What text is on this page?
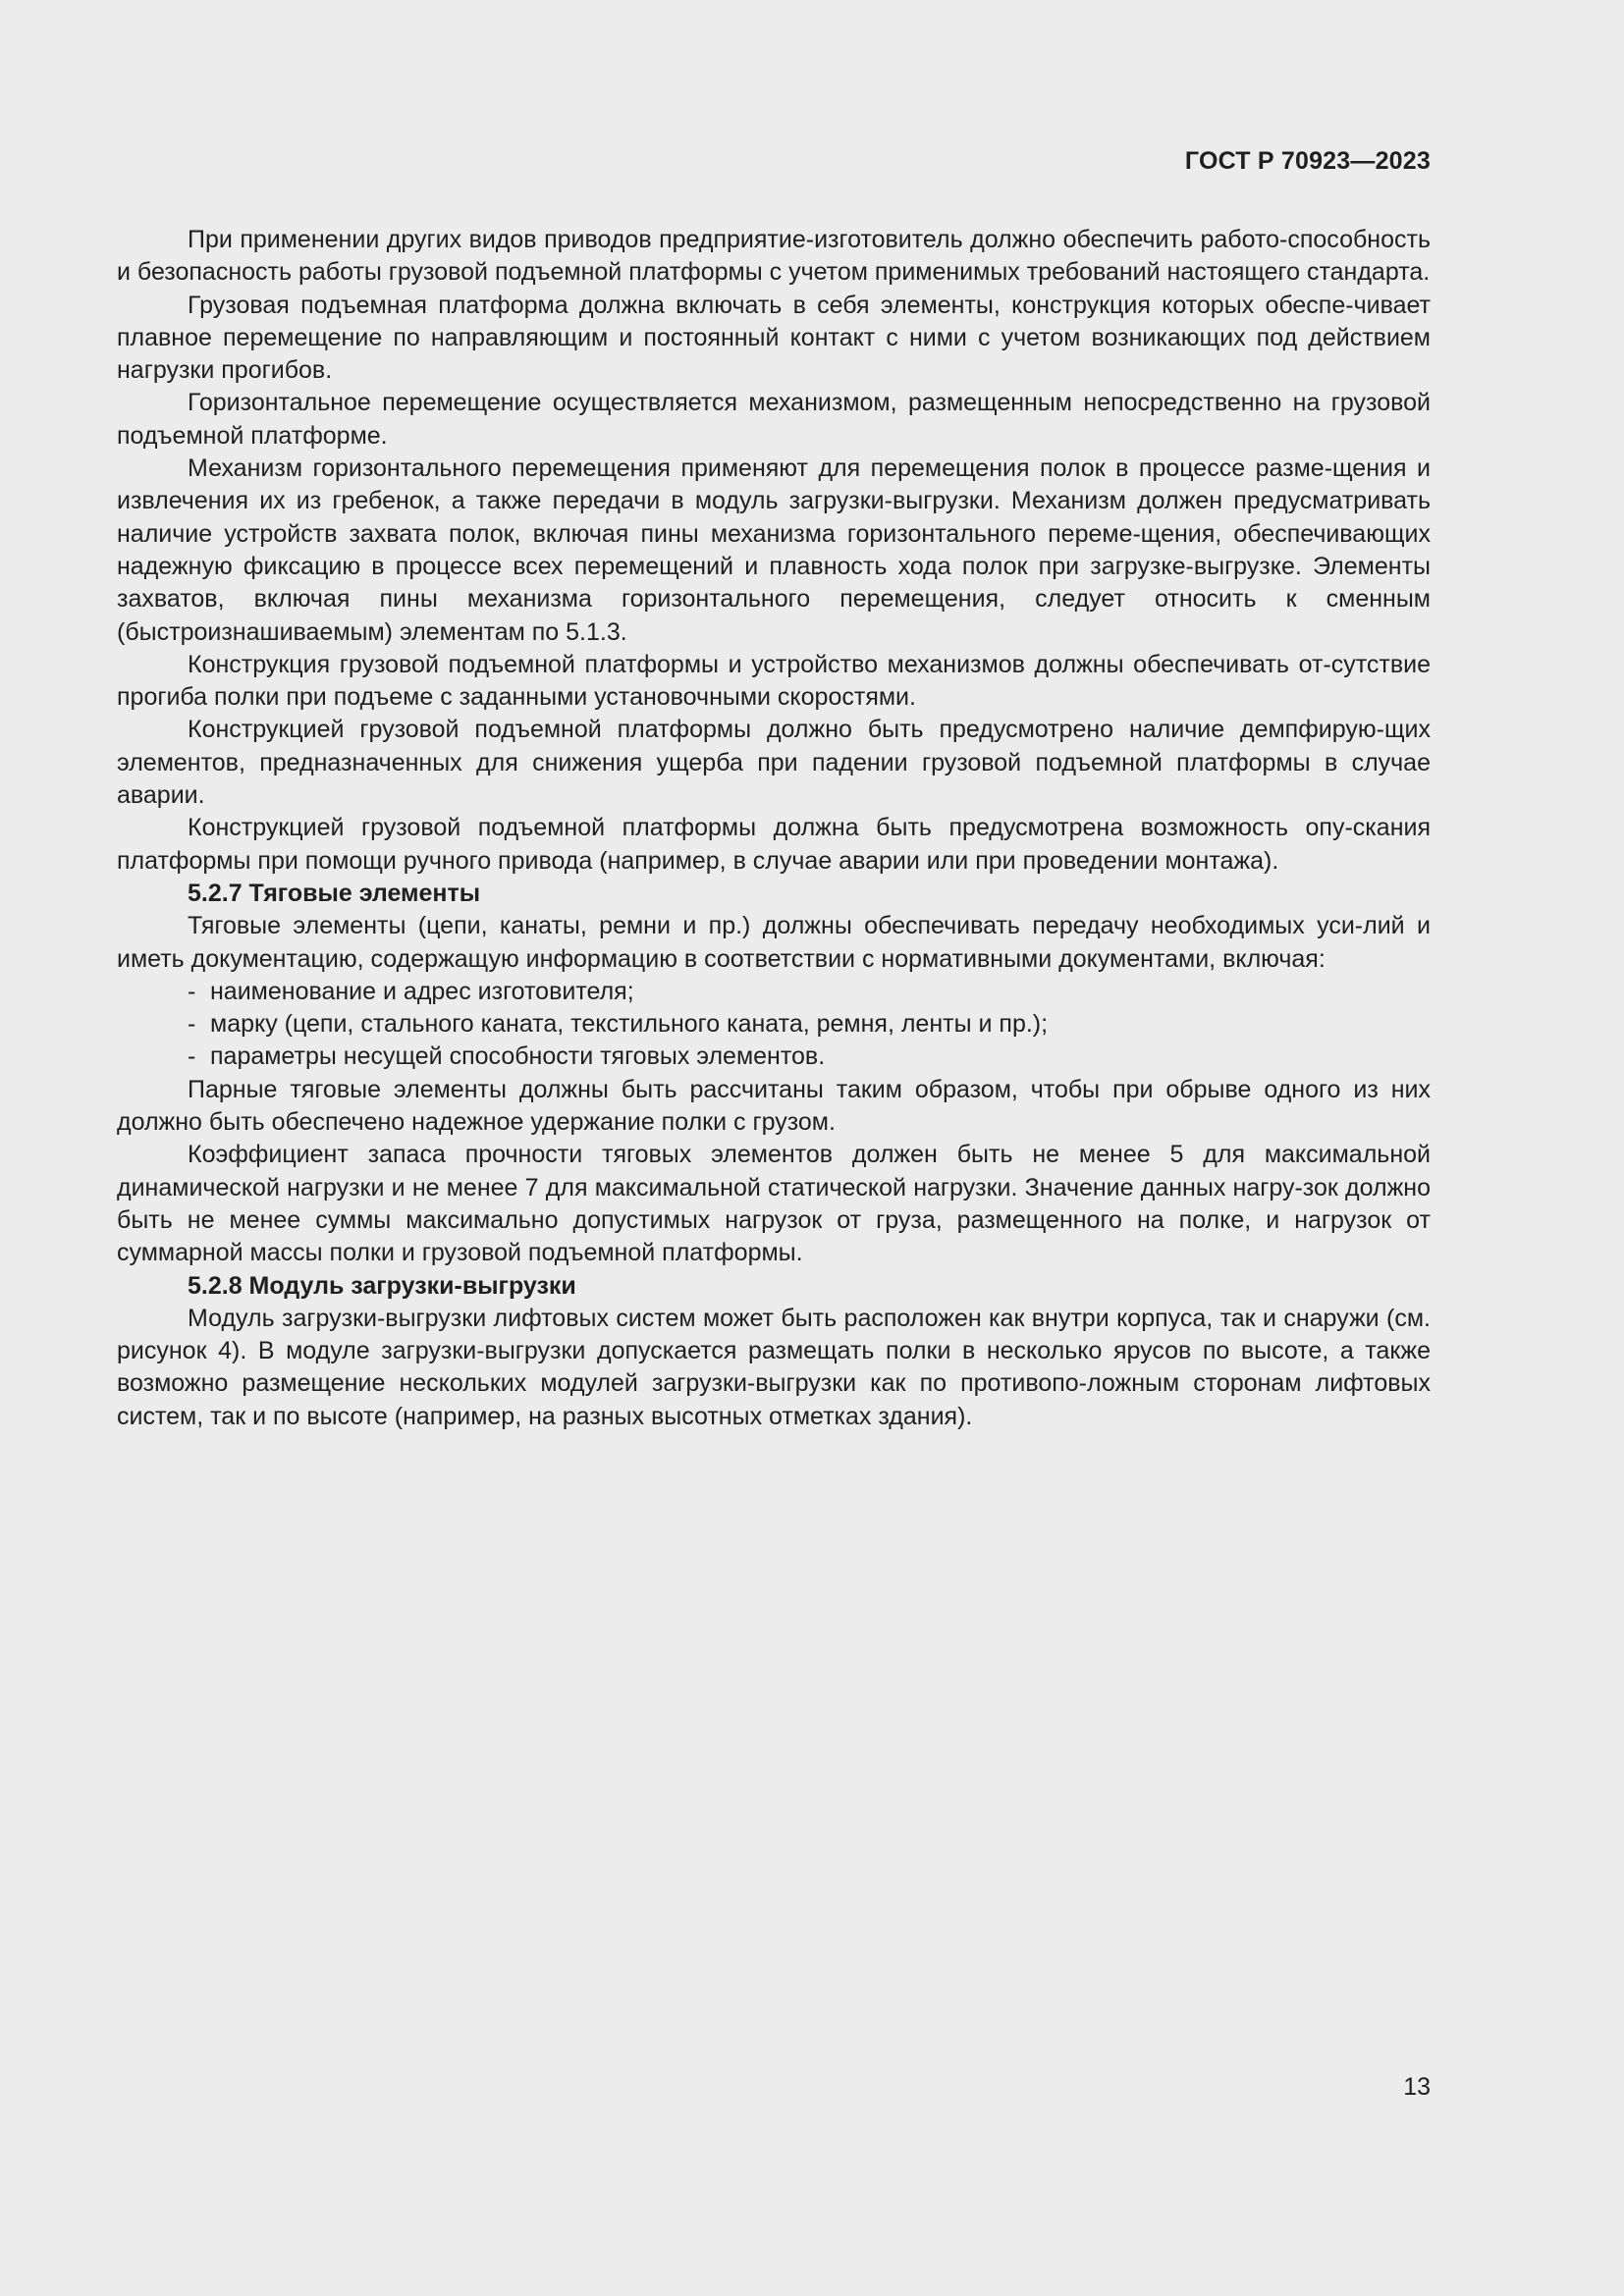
ГОСТ Р 70923—2023

При применении других видов приводов предприятие-изготовитель должно обеспечить работо-способность и безопасность работы грузовой подъемной платформы с учетом применимых требований настоящего стандарта.

Грузовая подъемная платформа должна включать в себя элементы, конструкция которых обеспе-чивает плавное перемещение по направляющим и постоянный контакт с ними с учетом возникающих под действием нагрузки прогибов.

Горизонтальное перемещение осуществляется механизмом, размещенным непосредственно на грузовой подъемной платформе.

Механизм горизонтального перемещения применяют для перемещения полок в процессе разме-щения и извлечения их из гребенок, а также передачи в модуль загрузки-выгрузки. Механизм должен предусматривать наличие устройств захвата полок, включая пины механизма горизонтального переме-щения, обеспечивающих надежную фиксацию в процессе всех перемещений и плавность хода полок при загрузке-выгрузке. Элементы захватов, включая пины механизма горизонтального перемещения, следует относить к сменным (быстроизнашиваемым) элементам по 5.1.3.

Конструкция грузовой подъемной платформы и устройство механизмов должны обеспечивать от-сутствие прогиба полки при подъеме с заданными установочными скоростями.

Конструкцией грузовой подъемной платформы должно быть предусмотрено наличие демпфирую-щих элементов, предназначенных для снижения ущерба при падении грузовой подъемной платформы в случае аварии.

Конструкцией грузовой подъемной платформы должна быть предусмотрена возможность опу-скания платформы при помощи ручного привода (например, в случае аварии или при проведении монтажа).

5.2.7 Тяговые элементы

Тяговые элементы (цепи, канаты, ремни и пр.) должны обеспечивать передачу необходимых уси-лий и иметь документацию, содержащую информацию в соответствии с нормативными документами, включая:

- наименование и адрес изготовителя;

- марку (цепи, стального каната, текстильного каната, ремня, ленты и пр.);

- параметры несущей способности тяговых элементов.

Парные тяговые элементы должны быть рассчитаны таким образом, чтобы при обрыве одного из них должно быть обеспечено надежное удержание полки с грузом.

Коэффициент запаса прочности тяговых элементов должен быть не менее 5 для максимальной динамической нагрузки и не менее 7 для максимальной статической нагрузки. Значение данных нагру-зок должно быть не менее суммы максимально допустимых нагрузок от груза, размещенного на полке, и нагрузок от суммарной массы полки и грузовой подъемной платформы.

5.2.8 Модуль загрузки-выгрузки

Модуль загрузки-выгрузки лифтовых систем может быть расположен как внутри корпуса, так и снаружи (см. рисунок 4). В модуле загрузки-выгрузки допускается размещать полки в несколько ярусов по высоте, а также возможно размещение нескольких модулей загрузки-выгрузки как по противопо-ложным сторонам лифтовых систем, так и по высоте (например, на разных высотных отметках здания).

13
